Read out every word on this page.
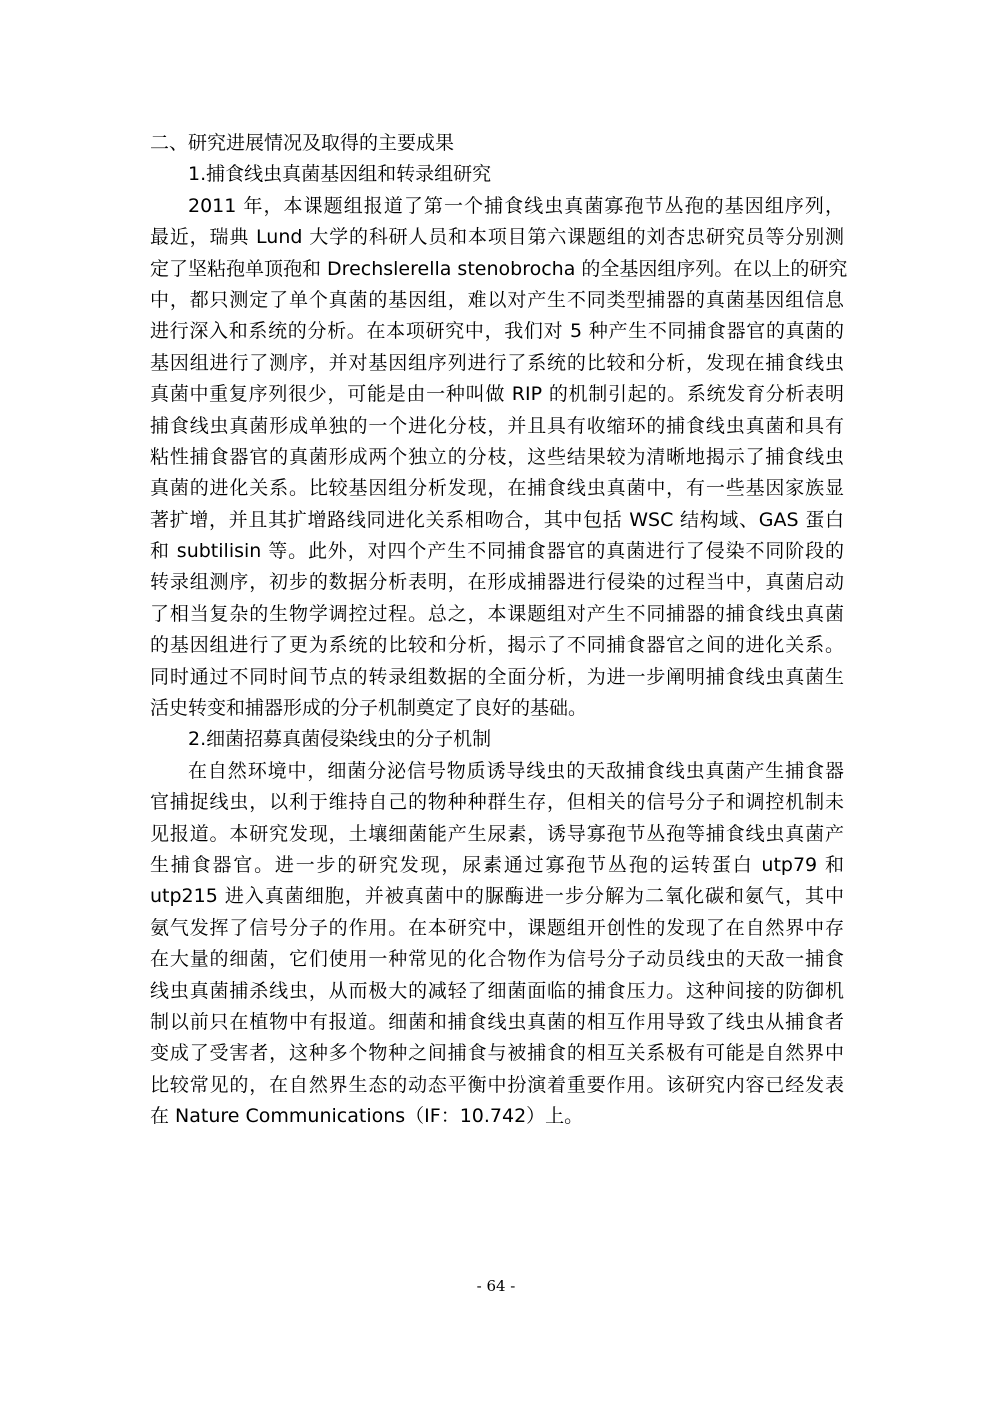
二、研究进展情况及取得的主要成果
1.捕食线虫真菌基因组和转录组研究
2011 年，本课题组报道了第一个捕食线虫真菌寡孢节丛孢的基因组序列，
最近，瑞典 Lund 大学的科研人员和本项目第六课题组的刘杏忠研究员等分别测
定了坚粘孢单顶孢和 Drechslerella stenobrocha 的全基因组序列。在以上的研究
中，都只测定了单个真菌的基因组，难以对产生不同类型捕器的真菌基因组信息
进行深入和系统的分析。在本项研究中，我们对 5 种产生不同捕食器官的真菌的
基因组进行了测序，并对基因组序列进行了系统的比较和分析，发现在捕食线虫
真菌中重复序列很少，可能是由一种叫做 RIP 的机制引起的。系统发育分析表明
捕食线虫真菌形成单独的一个进化分枝，并且具有收缩环的捕食线虫真菌和具有
粘性捕食器官的真菌形成两个独立的分枝，这些结果较为清晰地揭示了捕食线虫
真菌的进化关系。比较基因组分析发现，在捕食线虫真菌中，有一些基因家族显
著扩增，并且其扩增路线同进化关系相吻合，其中包括 WSC 结构域、GAS 蛋白
和 subtilisin 等。此外，对四个产生不同捕食器官的真菌进行了侵染不同阶段的
转录组测序，初步的数据分析表明，在形成捕器进行侵染的过程当中，真菌启动
了相当复杂的生物学调控过程。总之，本课题组对产生不同捕器的捕食线虫真菌
的基因组进行了更为系统的比较和分析，揭示了不同捕食器官之间的进化关系。
同时通过不同时间节点的转录组数据的全面分析，为进一步阐明捕食线虫真菌生
活史转变和捕器形成的分子机制奠定了良好的基础。
2.细菌招募真菌侵染线虫的分子机制
在自然环境中，细菌分泌信号物质诱导线虫的天敌捕食线虫真菌产生捕食器
官捕捉线虫，以利于维持自己的物种种群生存，但相关的信号分子和调控机制未
见报道。本研究发现，土壤细菌能产生尿素，诱导寡孢节丛孢等捕食线虫真菌产
生捕食器官。进一步的研究发现，尿素通过寡孢节丛孢的运转蛋白 utp79 和
utp215 进入真菌细胞，并被真菌中的脲酶进一步分解为二氧化碳和氨气，其中
氨气发挥了信号分子的作用。在本研究中，课题组开创性的发现了在自然界中存
在大量的细菌，它们使用一种常见的化合物作为信号分子动员线虫的天敌一捕食
线虫真菌捕杀线虫，从而极大的减轻了细菌面临的捕食压力。这种间接的防御机
制以前只在植物中有报道。细菌和捕食线虫真菌的相互作用导致了线虫从捕食者
变成了受害者，这种多个物种之间捕食与被捕食的相互关系极有可能是自然界中
比较常见的，在自然界生态的动态平衡中扮演着重要作用。该研究内容已经发表
在 Nature Communications（IF：10.742）上。
- 64 -
